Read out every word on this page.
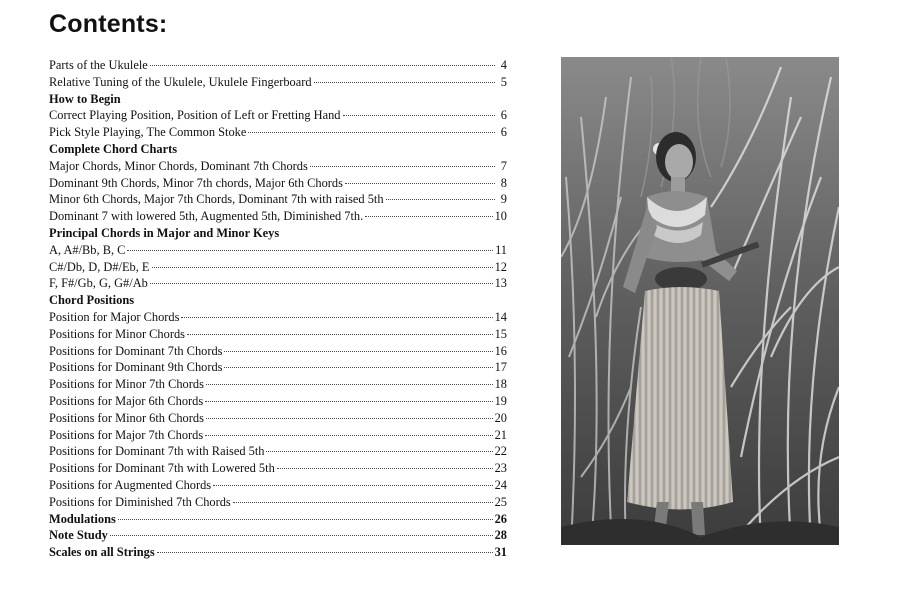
Contents:
Parts of the Ukulele	4
Relative Tuning of the Ukulele, Ukulele Fingerboard	5
How to Begin
Correct Playing Position, Position of Left or Fretting Hand	6
Pick Style Playing, The Common Stoke	6
Complete Chord Charts
Major Chords, Minor Chords, Dominant 7th Chords	7
Dominant 9th Chords, Minor 7th chords, Major 6th Chords	8
Minor 6th Chords, Major 7th Chords, Dominant 7th with raised 5th	9
Dominant 7 with lowered 5th, Augmented 5th, Diminished 7th.	10
Principal Chords in Major and Minor Keys
A, A#/Bb, B, C	11
C#/Db, D, D#/Eb, E	12
F, F#/Gb, G, G#/Ab	13
Chord Positions
Position for Major Chords	14
Positions for Minor Chords	15
Positions for Dominant 7th Chords	16
Positions for Dominant 9th Chords	17
Positions for Minor 7th Chords	18
Positions for Major 6th Chords	19
Positions for Minor 6th Chords	20
Positions for Major 7th Chords	21
Positions for Dominant 7th with Raised 5th	22
Positions for Dominant 7th with Lowered 5th	23
Positions for Augmented Chords	24
Positions for Diminished 7th Chords	25
Modulations	26
Note Study	28
Scales on all Strings	31
